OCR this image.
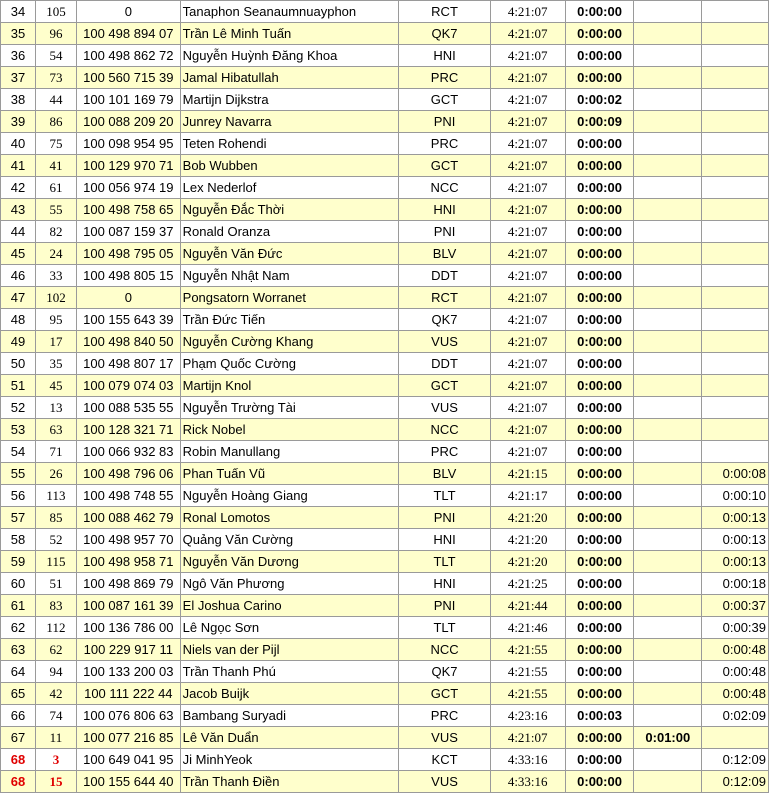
34	105	0	Tanaphon Seanaumnuayphon	RCT	4:21:07	0:00:00		
35	96	100 498 894 07	Trần Lê Minh Tuấn	QK7	4:21:07	0:00:00		
36	54	100 498 862 72	Nguyễn Huỳnh Đăng Khoa	HNI	4:21:07	0:00:00		
37	73	100 560 715 39	Jamal Hibatullah	PRC	4:21:07	0:00:00		
38	44	100 101 169 79	Martijn Dijkstra	GCT	4:21:07	0:00:02		
39	86	100 088 209 20	Junrey Navarra	PNI	4:21:07	0:00:09		
40	75	100 098 954 95	Teten Rohendi	PRC	4:21:07	0:00:00		
41	41	100 129 970 71	Bob Wubben	GCT	4:21:07	0:00:00		
42	61	100 056 974 19	Lex Nederlof	NCC	4:21:07	0:00:00		
43	55	100 498 758 65	Nguyễn Đắc Thời	HNI	4:21:07	0:00:00		
44	82	100 087 159 37	Ronald Oranza	PNI	4:21:07	0:00:00		
45	24	100 498 795 05	Nguyễn Văn Đức	BLV	4:21:07	0:00:00		
46	33	100 498 805 15	Nguyễn Nhật Nam	DDT	4:21:07	0:00:00		
47	102	0	Pongsatorn Worranet	RCT	4:21:07	0:00:00		
48	95	100 155 643 39	Trần Đức Tiến	QK7	4:21:07	0:00:00		
49	17	100 498 840 50	Nguyễn Cường Khang	VUS	4:21:07	0:00:00		
50	35	100 498 807 17	Phạm Quốc Cường	DDT	4:21:07	0:00:00		
51	45	100 079 074 03	Martijn Knol	GCT	4:21:07	0:00:00		
52	13	100 088 535 55	Nguyễn Trường Tài	VUS	4:21:07	0:00:00		
53	63	100 128 321 71	Rick Nobel	NCC	4:21:07	0:00:00		
54	71	100 066 932 83	Robin Manullang	PRC	4:21:07	0:00:00		
55	26	100 498 796 06	Phan Tuấn Vũ	BLV	4:21:15	0:00:00		0:00:08
56	113	100 498 748 55	Nguyễn Hoàng Giang	TLT	4:21:17	0:00:00		0:00:10
57	85	100 088 462 79	Ronal Lomotos	PNI	4:21:20	0:00:00		0:00:13
58	52	100 498 957 70	Quảng Văn Cường	HNI	4:21:20	0:00:00		0:00:13
59	115	100 498 958 71	Nguyễn Văn Dương	TLT	4:21:20	0:00:00		0:00:13
60	51	100 498 869 79	Ngô Văn Phương	HNI	4:21:25	0:00:00		0:00:18
61	83	100 087 161 39	El Joshua Carino	PNI	4:21:44	0:00:00		0:00:37
62	112	100 136 786 00	Lê Ngọc Sơn	TLT	4:21:46	0:00:00		0:00:39
63	62	100 229 917 11	Niels van der Pijl	NCC	4:21:55	0:00:00		0:00:48
64	94	100 133 200 03	Trần Thanh Phú	QK7	4:21:55	0:00:00		0:00:48
65	42	100 111 222 44	Jacob Buijk	GCT	4:21:55	0:00:00		0:00:48
66	74	100 076 806 63	Bambang Suryadi	PRC	4:23:16	0:00:03		0:02:09
67	11	100 077 216 85	Lê Văn Duẩn	VUS	4:21:07	0:00:00	0:01:00	
68	3	100 649 041 95	Ji MinhYeok	KCT	4:33:16	0:00:00		0:12:09
68	15	100 155 644 40	Trần Thanh Điền	VUS	4:33:16	0:00:00		0:12:09
